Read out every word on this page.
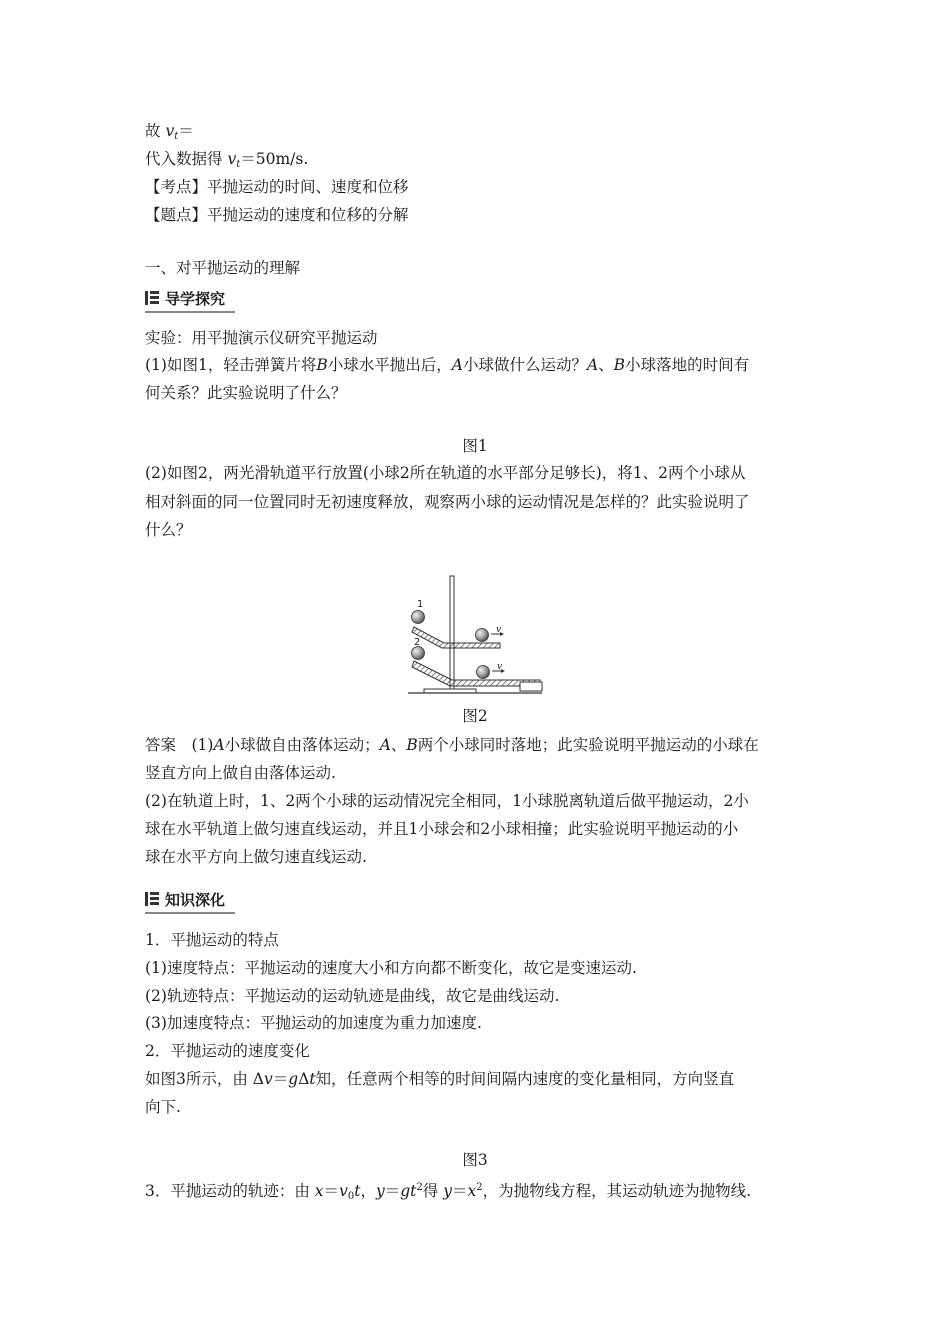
故 $v_t=$
代入数据得 $v_t=50m/s$.
【考点】平抛运动的时间、速度和位移
【题点】平抛运动的速度和位移的分解
一、对平抛运动的理解
导学探究
实验：用平抛演示仪研究平抛运动
(1)如图1，轻击弹簧片将B小球水平抛出后，A小球做什么运动？A、B小球落地的时间有
何关系？此实验说明了什么？
图1
(2)如图2，两光滑轨道平行放置(小球2所在轨道的水平部分足够长)，将1、2两个小球从
相对斜面的同一位置同时无初速度释放，观察两小球的运动情况是怎样的？此实验说明了
什么？
1
2
v
v
图2
答案　(1)A小球做自由落体运动；A、B两个小球同时落地；此实验说明平抛运动的小球在
竖直方向上做自由落体运动.
(2)在轨道上时，1、2两个小球的运动情况完全相同，1小球脱离轨道后做平抛运动，2小
球在水平轨道上做匀速直线运动，并且1小球会和2小球相撞；此实验说明平抛运动的小
球在水平方向上做匀速直线运动.
知识深化
1．平抛运动的特点
(1)速度特点：平抛运动的速度大小和方向都不断变化，故它是变速运动.
(2)轨迹特点：平抛运动的运动轨迹是曲线，故它是曲线运动.
(3)加速度特点：平抛运动的加速度为重力加速度.
2．平抛运动的速度变化
如图3所示，由 Δv＝gΔt知，任意两个相等的时间间隔内速度的变化量相同，方向竖直
向下.
图3
3．平抛运动的轨迹：由 $x=v_0t$，$y=gt^2$得 $y=x^2$，为抛物线方程，其运动轨迹为抛物线.
